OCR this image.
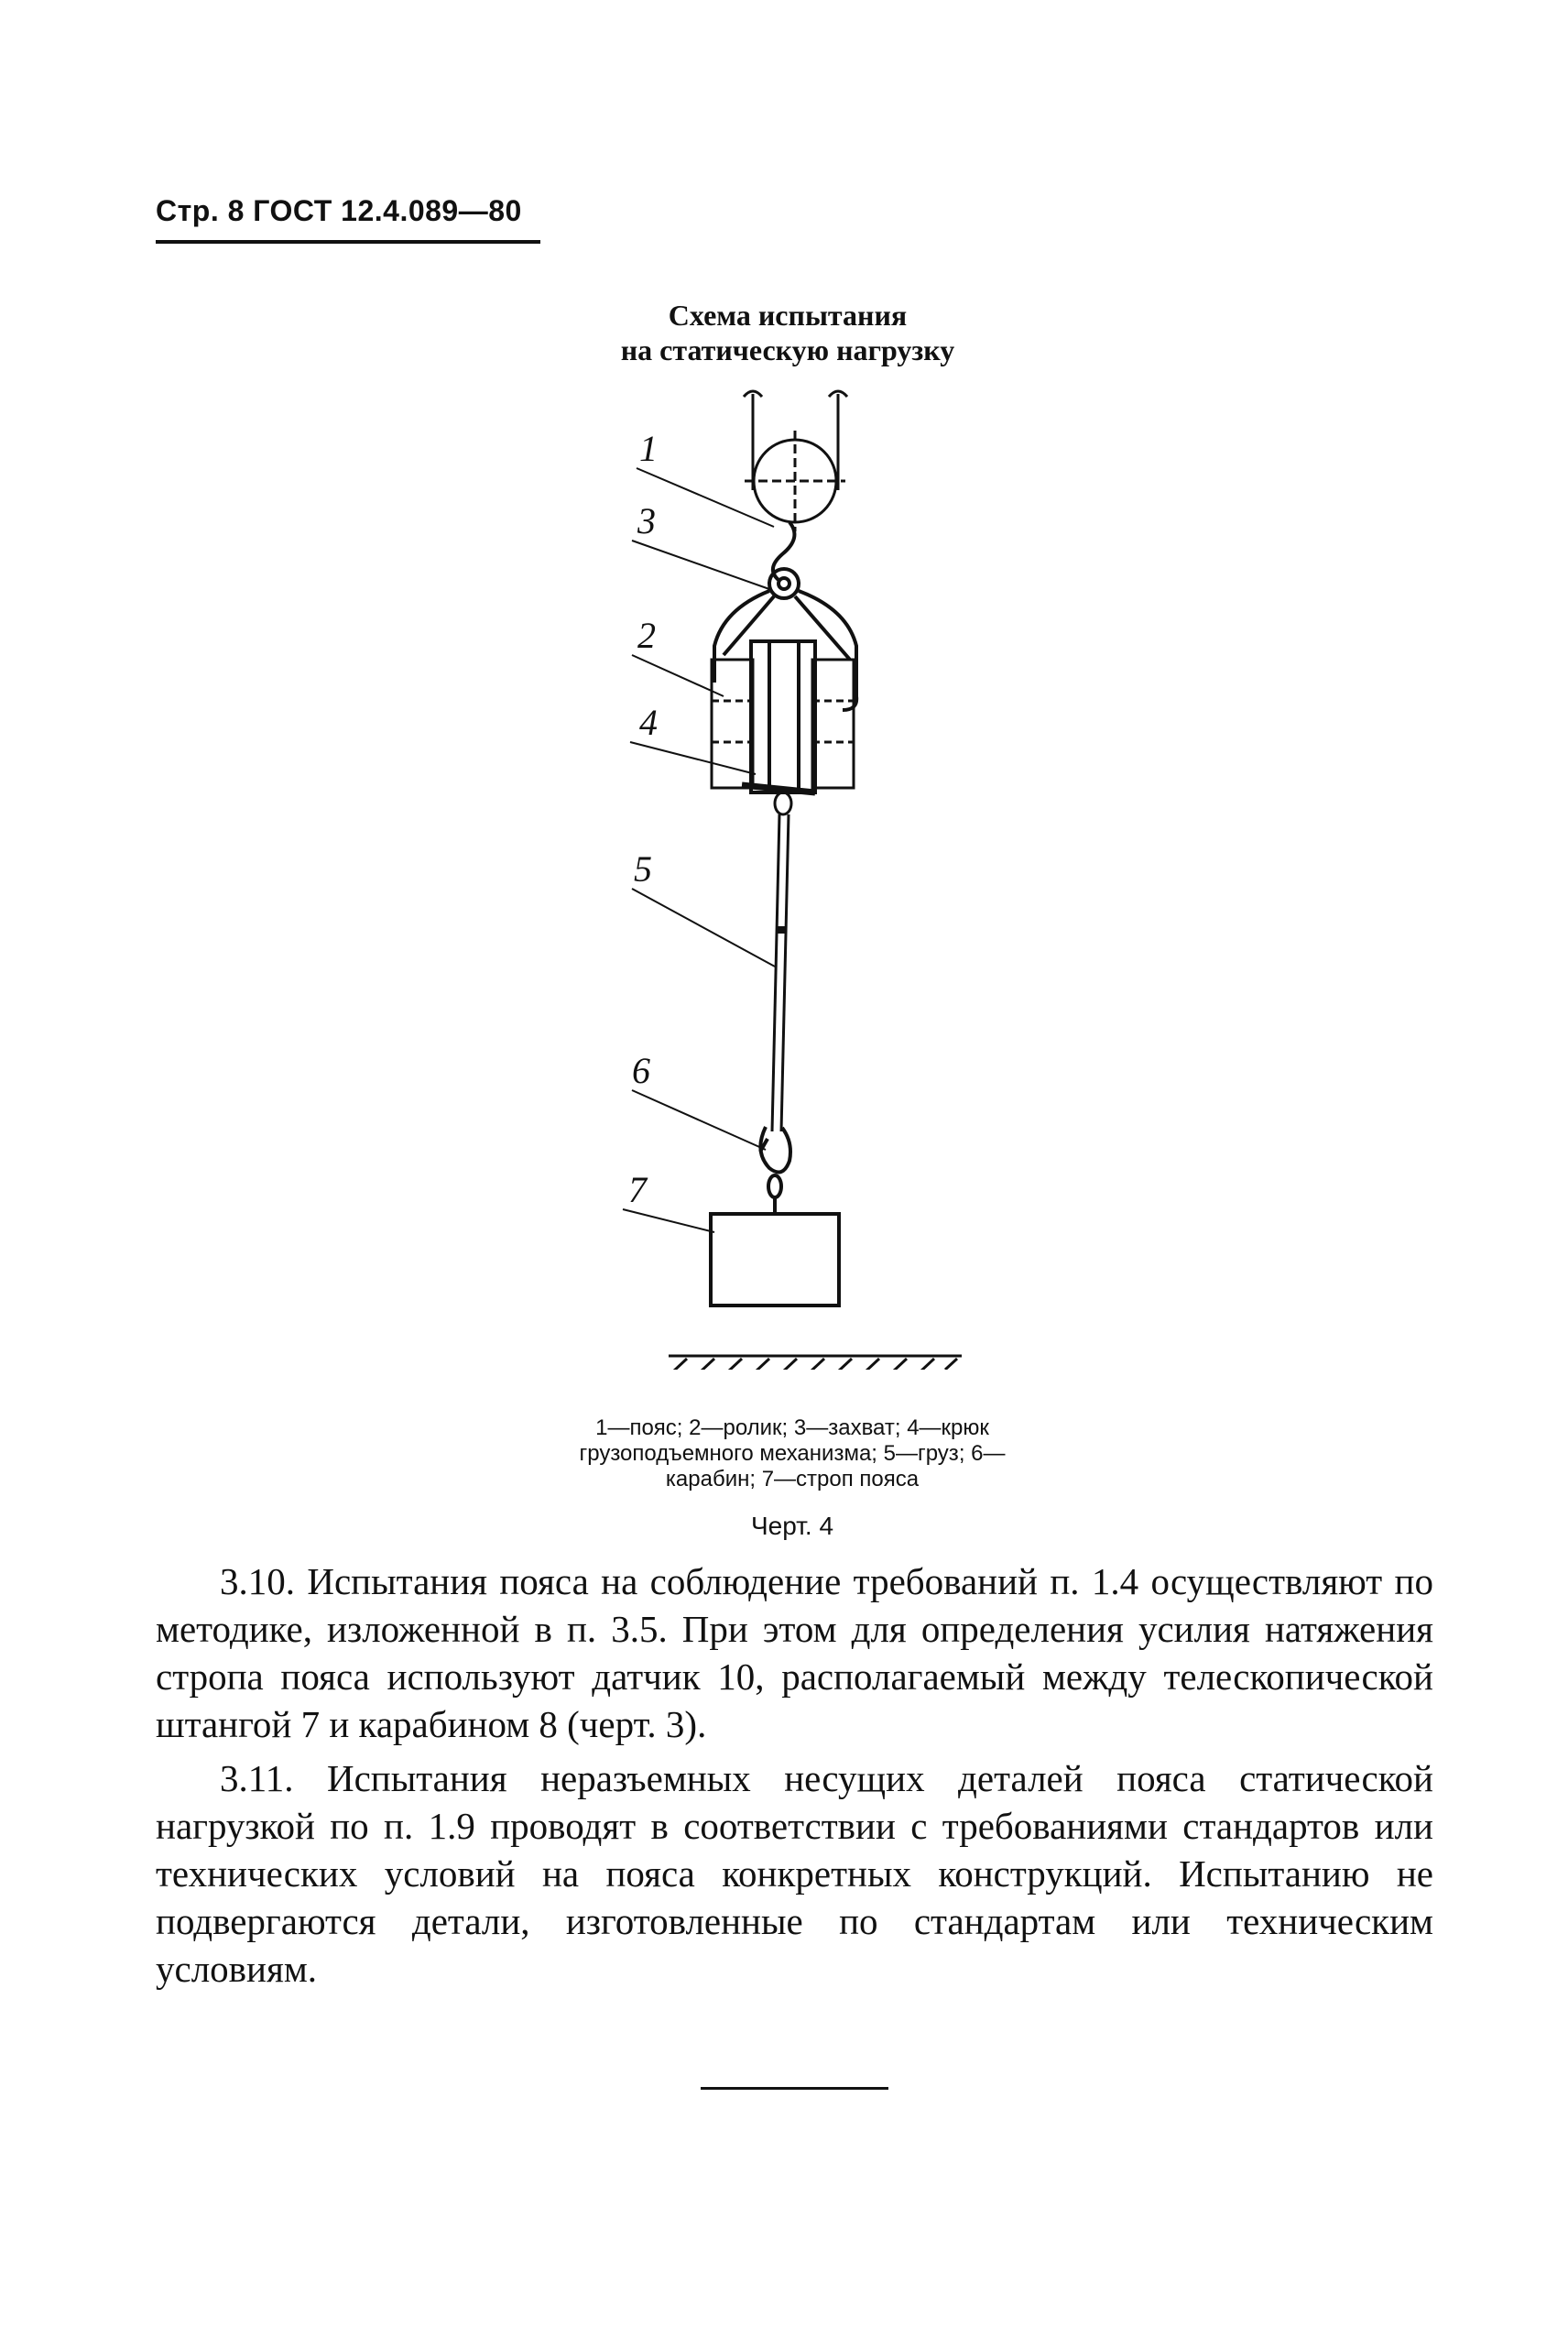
Стр. 8 ГОСТ 12.4.089—80
Схема испытания
на статическую нагрузку
1
3
2
4
5
6
7
1—пояс; 2—ролик; 3—захват; 4—крюк
грузоподъемного механизма; 5—груз; 6—
карабин; 7—строп пояса
Черт. 4

3.10. Испытания пояса на соблюдение требований п. 1.4 осуществляют по методике, изложенной в п. 3.5. При этом для определения усилия натяжения стропа пояса используют датчик 10, располагаемый между телескопической штангой 7 и карабином 8 (черт. 3).

3.11. Испытания неразъемных несущих деталей пояса статической нагрузкой по п. 1.9 проводят в соответствии с требованиями стандартов или технических условий на пояса конкретных конструкций. Испытанию не подвергаются детали, изготовленные по стандартам или техническим условиям.
